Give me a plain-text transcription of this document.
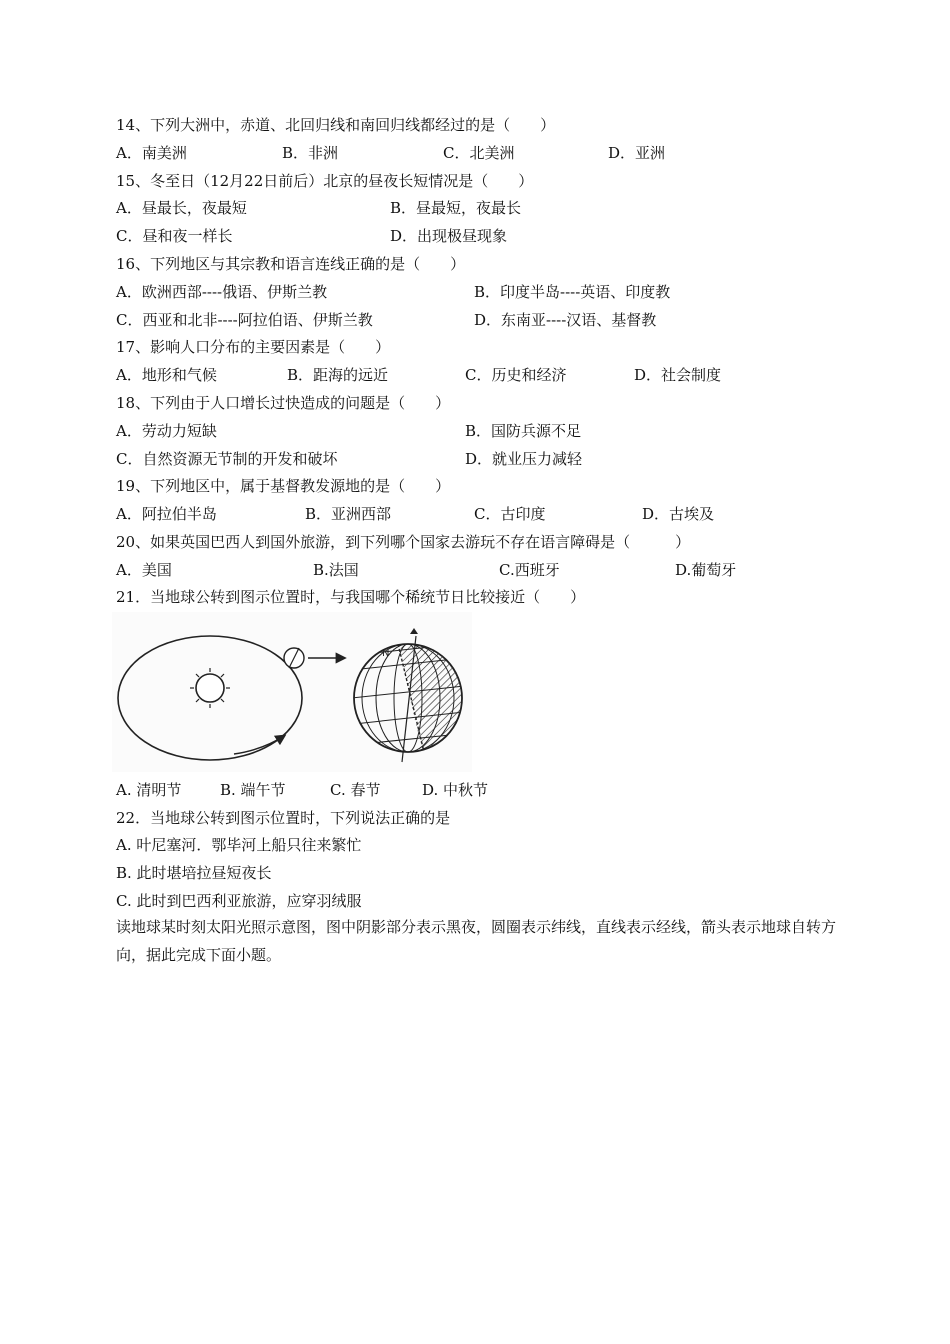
14、下列大洲中，赤道、北回归线和南回归线都经过的是（　　）
A．南美洲	B．非洲	C．北美洲	D．亚洲
15、冬至日（12月22日前后）北京的昼夜长短情况是（　　）
A．昼最长，夜最短	B．昼最短，夜最长
C．昼和夜一样长	D．出现极昼现象
16、下列地区与其宗教和语言连线正确的是（　　）
A．欧洲西部----俄语、伊斯兰教	B．印度半岛----英语、印度教
C．西亚和北非----阿拉伯语、伊斯兰教	D．东南亚----汉语、基督教
17、影响人口分布的主要因素是（　　）
A．地形和气候	B．距海的远近	C．历史和经济	D．社会制度
18、下列由于人口增长过快造成的问题是（　　）
A．劳动力短缺	B．国防兵源不足
C．自然资源无节制的开发和破坏	D．就业压力减轻
19、下列地区中，属于基督教发源地的是（　　）
A．阿拉伯半岛	B．亚洲西部	C．古印度	D．古埃及
20、如果英国巴西人到国外旅游，到下列哪个国家去游玩不存在语言障碍是（　　　）
A．美国	B.法国	C.西班牙	D.葡萄牙
21．当地球公转到图示位置时，与我国哪个稀统节日比较接近（　　）
N
A. 清明节	B. 端午节	C. 春节	D. 中秋节
22．当地球公转到图示位置时，下列说法正确的是
A. 叶尼塞河．鄂毕河上船只往来繁忙
B. 此时堪培拉昼短夜长
C. 此时到巴西利亚旅游，应穿羽绒服
读地球某时刻太阳光照示意图，图中阴影部分表示黑夜，圆圈表示纬线，直线表示经线，箭头表示地球自转方向，据此完成下面小题。
